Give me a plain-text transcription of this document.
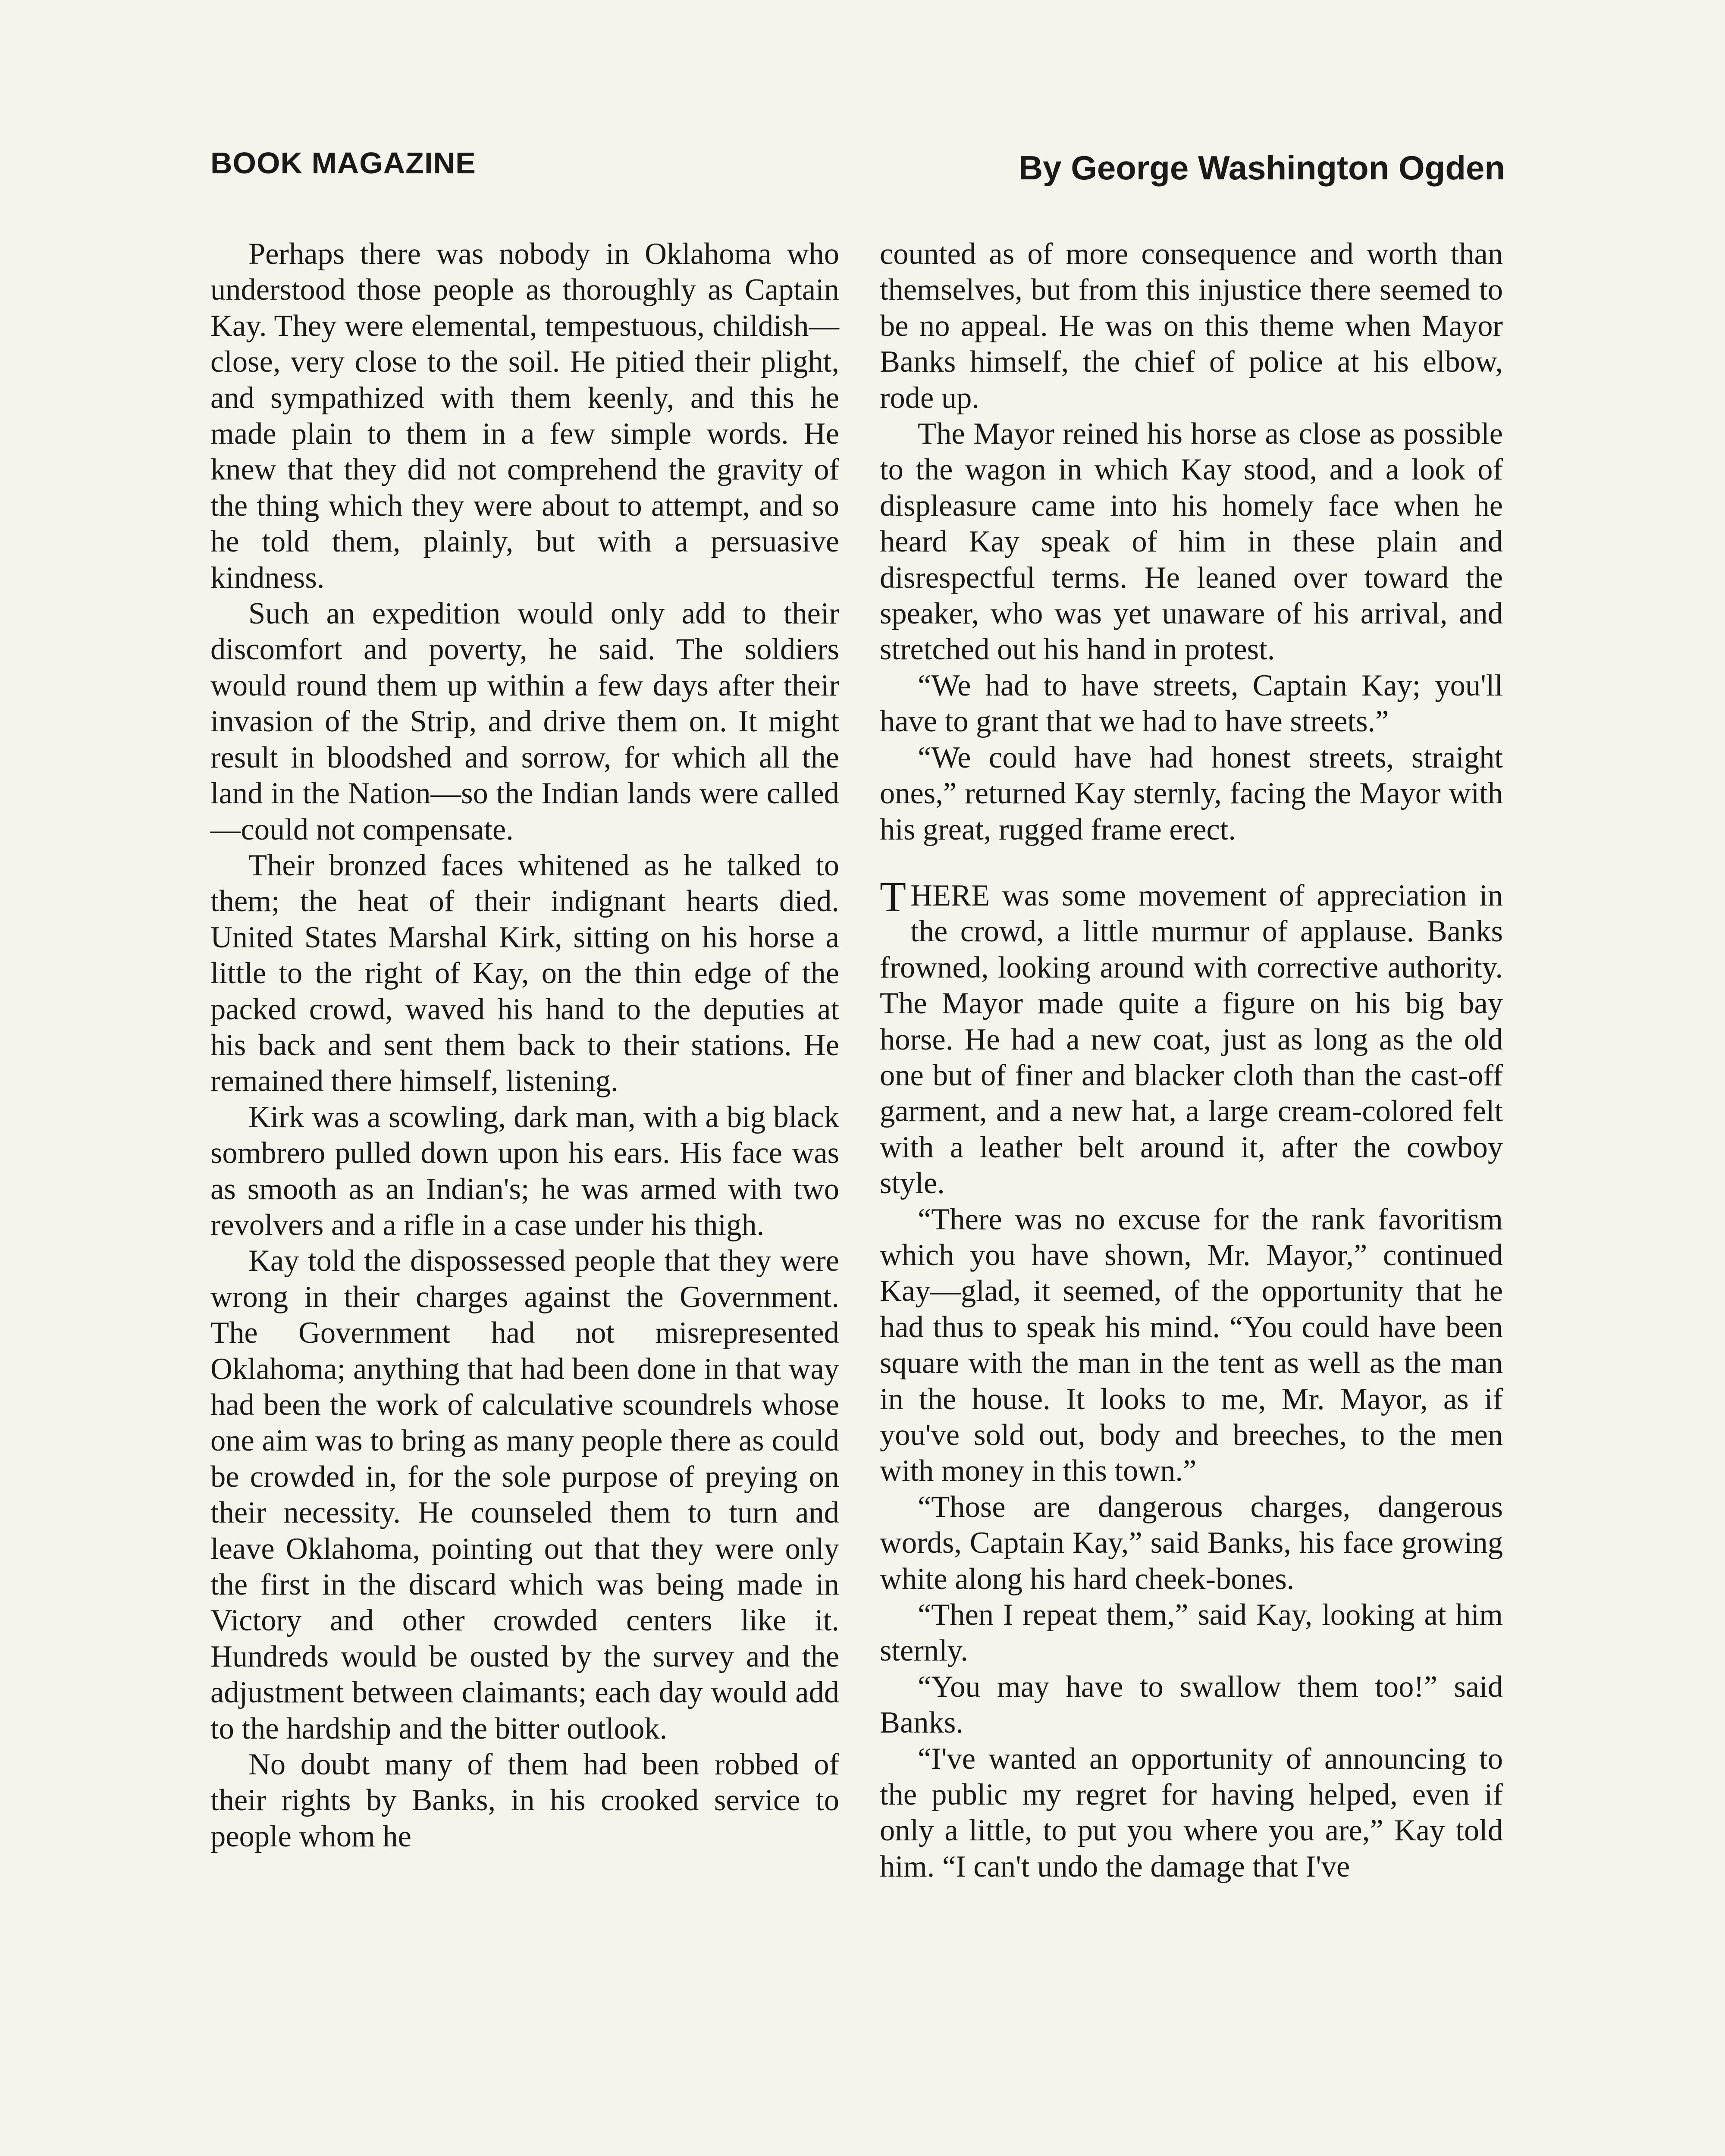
BOOK MAGAZINE	By George Washington Ogden

Perhaps there was nobody in Oklahoma who understood those people as thoroughly as Captain Kay. They were elemental, tempestuous, childish—close, very close to the soil. He pitied their plight, and sympathized with them keenly, and this he made plain to them in a few simple words. He knew that they did not comprehend the gravity of the thing which they were about to attempt, and so he told them, plainly, but with a persuasive kindness.

Such an expedition would only add to their discomfort and poverty, he said. The soldiers would round them up within a few days after their invasion of the Strip, and drive them on. It might result in bloodshed and sorrow, for which all the land in the Nation—so the Indian lands were called—could not compensate.

Their bronzed faces whitened as he talked to them; the heat of their indignant hearts died. United States Marshal Kirk, sitting on his horse a little to the right of Kay, on the thin edge of the packed crowd, waved his hand to the deputies at his back and sent them back to their stations. He remained there himself, listening.

Kirk was a scowling, dark man, with a big black sombrero pulled down upon his ears. His face was as smooth as an Indian's; he was armed with two revolvers and a rifle in a case under his thigh.

Kay told the dispossessed people that they were wrong in their charges against the Government. The Government had not misrepresented Oklahoma; anything that had been done in that way had been the work of calculative scoundrels whose one aim was to bring as many people there as could be crowded in, for the sole purpose of preying on their necessity. He counseled them to turn and leave Oklahoma, pointing out that they were only the first in the discard which was being made in Victory and other crowded centers like it. Hundreds would be ousted by the survey and the adjustment between claimants; each day would add to the hardship and the bitter outlook.

No doubt many of them had been robbed of their rights by Banks, in his crooked service to people whom he

counted as of more consequence and worth than themselves, but from this injustice there seemed to be no appeal. He was on this theme when Mayor Banks himself, the chief of police at his elbow, rode up.

The Mayor reined his horse as close as possible to the wagon in which Kay stood, and a look of displeasure came into his homely face when he heard Kay speak of him in these plain and disrespectful terms. He leaned over toward the speaker, who was yet unaware of his arrival, and stretched out his hand in protest.

“We had to have streets, Captain Kay; you'll have to grant that we had to have streets.”

“We could have had honest streets, straight ones,” returned Kay sternly, facing the Mayor with his great, rugged frame erect.

T HERE was some movement of appreciation in the crowd, a little murmur of applause. Banks frowned, looking around with corrective authority. The Mayor made quite a figure on his big bay horse. He had a new coat, just as long as the old one but of finer and blacker cloth than the cast-off garment, and a new hat, a large cream-colored felt with a leather belt around it, after the cowboy style.

“There was no excuse for the rank favoritism which you have shown, Mr. Mayor,” continued Kay—glad, it seemed, of the opportunity that he had thus to speak his mind. “You could have been square with the man in the tent as well as the man in the house. It looks to me, Mr. Mayor, as if you've sold out, body and breeches, to the men with money in this town.”

“Those are dangerous charges, dangerous words, Captain Kay,” said Banks, his face growing white along his hard cheek-bones.

“Then I repeat them,” said Kay, looking at him sternly.

“You may have to swallow them too!” said Banks.

“I've wanted an opportunity of announcing to the public my regret for having helped, even if only a little, to put you where you are,” Kay told him. “I can't undo the damage that I've
